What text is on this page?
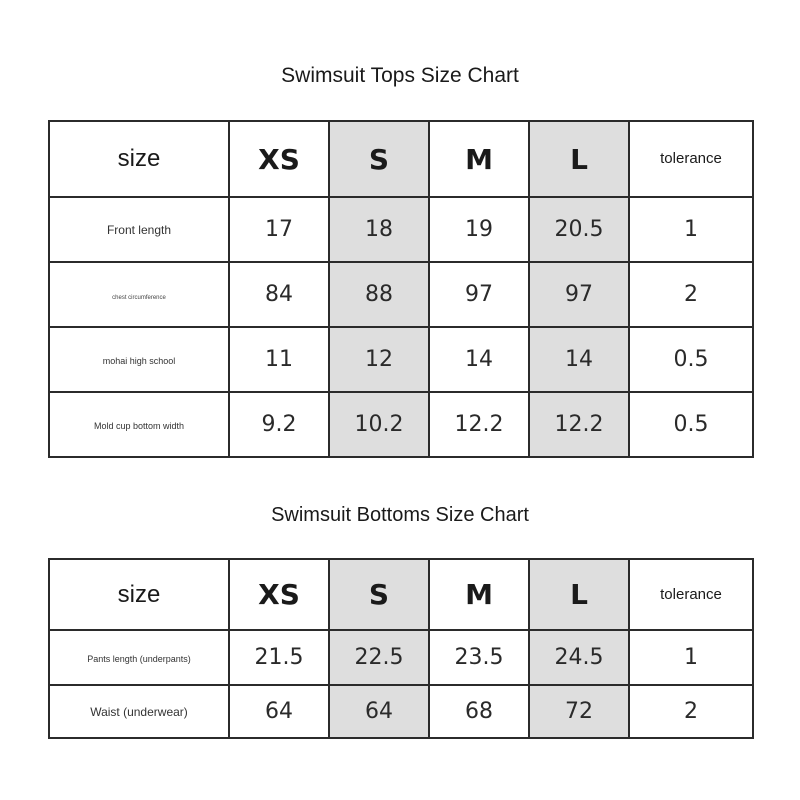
Swimsuit Tops Size Chart
size	XS	S	M	L	tolerance
Front length	17	18	19	20.5	1
chest circumference	84	88	97	97	2
mohai high school	11	12	14	14	0.5
Mold cup bottom width	9.2	10.2	12.2	12.2	0.5
Swimsuit Bottoms Size Chart
size	XS	S	M	L	tolerance
Pants length (underpants)	21.5	22.5	23.5	24.5	1
Waist (underwear)	64	64	68	72	2
